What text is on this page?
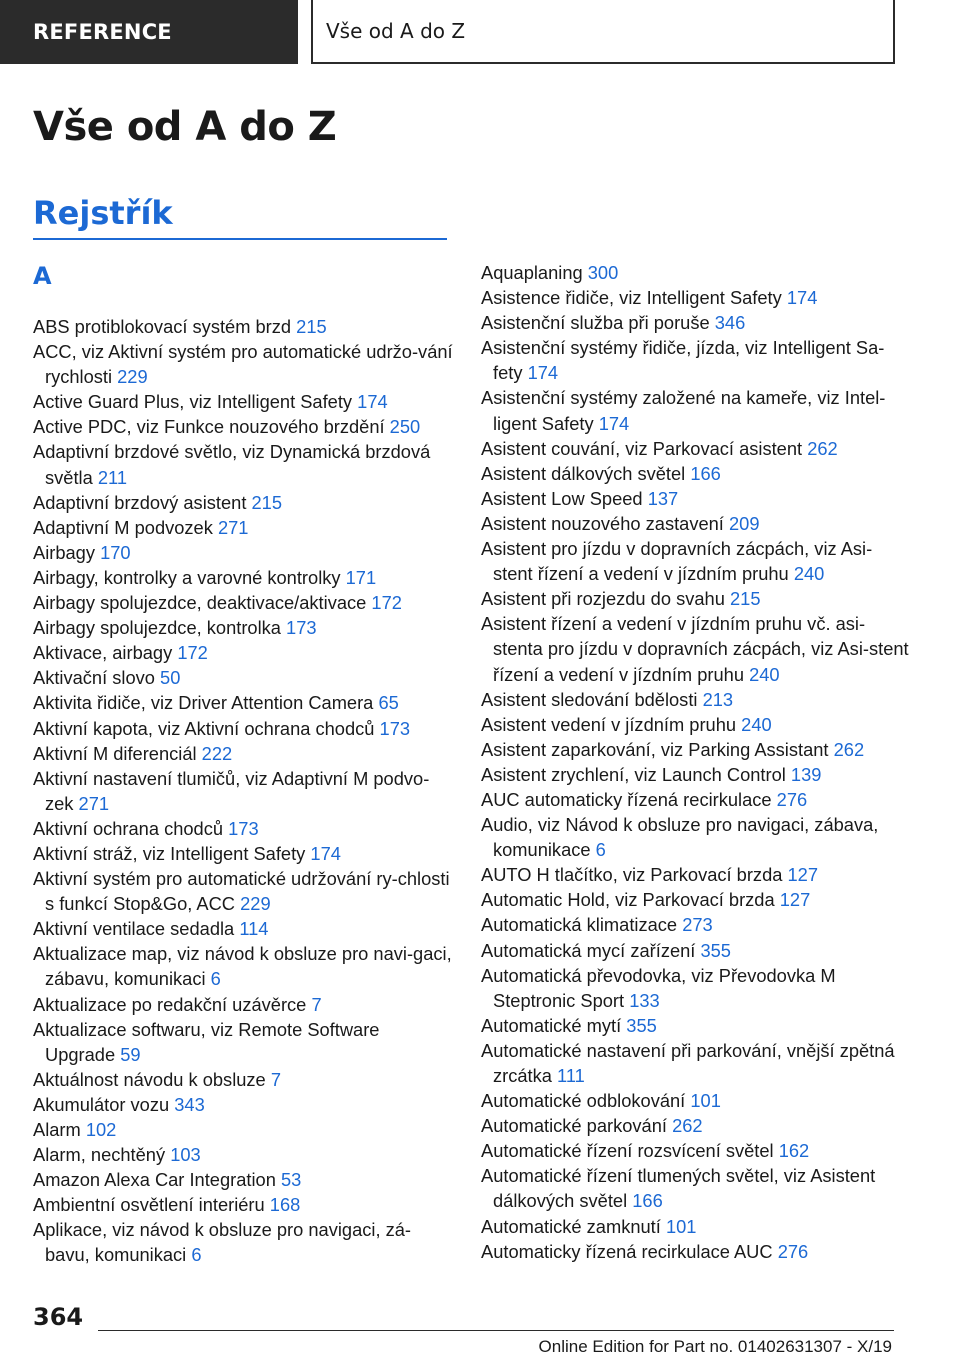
REFERENCE	Vše od A do Z
Vše od A do Z
Rejstřík
A
ABS protiblokovací systém brzd 215
ACC, viz Aktivní systém pro automatické udržo‐vání rychlosti 229
Active Guard Plus, viz Intelligent Safety 174
Active PDC, viz Funkce nouzového brzdění 250
Adaptivní brzdové světlo, viz Dynamická brzdová světla 211
Adaptivní brzdový asistent 215
Adaptivní M podvozek 271
Airbagy 170
Airbagy, kontrolky a varovné kontrolky 171
Airbagy spolujezdce, deaktivace/aktivace 172
Airbagy spolujezdce, kontrolka 173
Aktivace, airbagy 172
Aktivační slovo 50
Aktivita řidiče, viz Driver Attention Camera 65
Aktivní kapota, viz Aktivní ochrana chodců 173
Aktivní M diferenciál 222
Aktivní nastavení tlumičů, viz Adaptivní M podvo‐zek 271
Aktivní ochrana chodců 173
Aktivní stráž, viz Intelligent Safety 174
Aktivní systém pro automatické udržování ry‐chlosti s funkcí Stop&Go, ACC 229
Aktivní ventilace sedadla 114
Aktualizace map, viz návod k obsluze pro navi‐gaci, zábavu, komunikaci 6
Aktualizace po redakční uzávěrce 7
Aktualizace softwaru, viz Remote Software Upgrade 59
Aktuálnost návodu k obsluze 7
Akumulátor vozu 343
Alarm 102
Alarm, nechtěný 103
Amazon Alexa Car Integration 53
Ambientní osvětlení interiéru 168
Aplikace, viz návod k obsluze pro navigaci, zá‐bavu, komunikaci 6
Aquaplaning 300
Asistence řidiče, viz Intelligent Safety 174
Asistenční služba při poruše 346
Asistenční systémy řidiče, jízda, viz Intelligent Sa‐fety 174
Asistenční systémy založené na kameře, viz Intel‐ligent Safety 174
Asistent couvání, viz Parkovací asistent 262
Asistent dálkových světel 166
Asistent Low Speed 137
Asistent nouzového zastavení 209
Asistent pro jízdu v dopravních zácpách, viz Asi‐stent řízení a vedení v jízdním pruhu 240
Asistent při rozjezdu do svahu 215
Asistent řízení a vedení v jízdním pruhu vč. asi‐stenta pro jízdu v dopravních zácpách, viz Asi‐stent řízení a vedení v jízdním pruhu 240
Asistent sledování bdělosti 213
Asistent vedení v jízdním pruhu 240
Asistent zaparkování, viz Parking Assistant 262
Asistent zrychlení, viz Launch Control 139
AUC automaticky řízená recirkulace 276
Audio, viz Návod k obsluze pro navigaci, zábava, komunikace 6
AUTO H tlačítko, viz Parkovací brzda 127
Automatic Hold, viz Parkovací brzda 127
Automatická klimatizace 273
Automatická mycí zařízení 355
Automatická převodovka, viz Převodovka M Steptronic Sport 133
Automatické mytí 355
Automatické nastavení při parkování, vnější zpětná zrcátka 111
Automatické odblokování 101
Automatické parkování 262
Automatické řízení rozsvícení světel 162
Automatické řízení tlumených světel, viz Asistent dálkových světel 166
Automatické zamknutí 101
Automaticky řízená recirkulace AUC 276
364
Online Edition for Part no. 01402631307 - X/19
